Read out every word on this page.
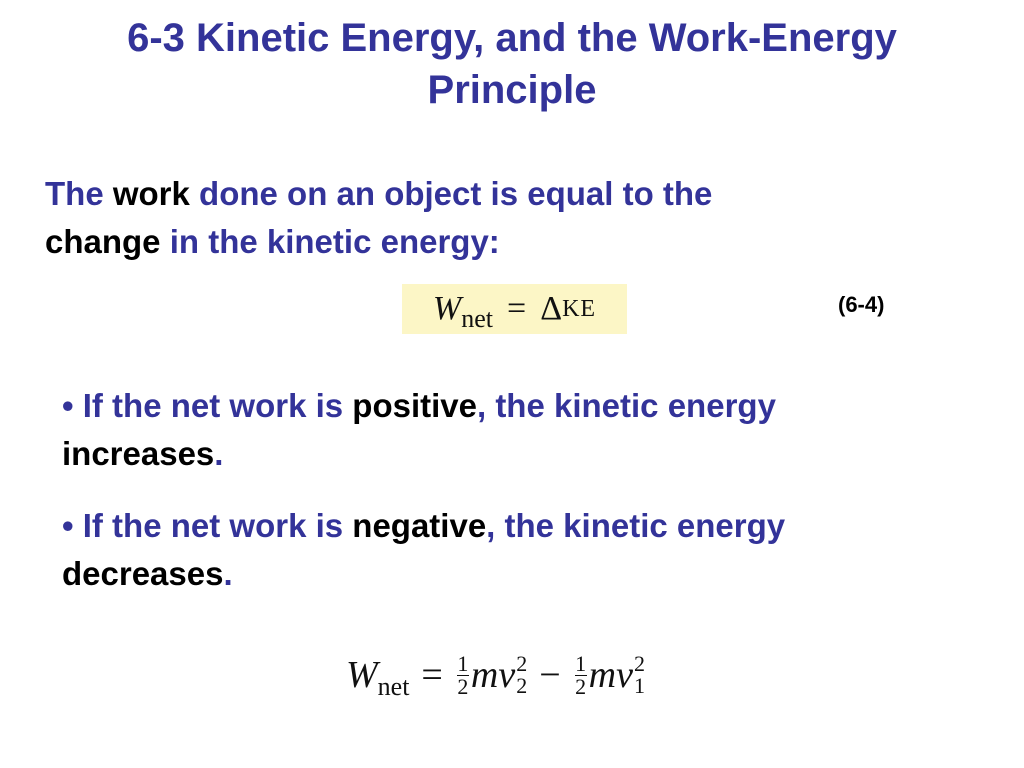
6-3 Kinetic Energy, and the Work-Energy
Principle
The work done on an object is equal to the
change in the kinetic energy:
W net = Δ KE	(6-4)
• If the net work is positive, the kinetic energy
increases.
• If the net work is negative, the kinetic energy
decreases.
W net = $\frac{1}{2}$ m v 2
$2 - \frac{1}{2}$ m v 2
1
